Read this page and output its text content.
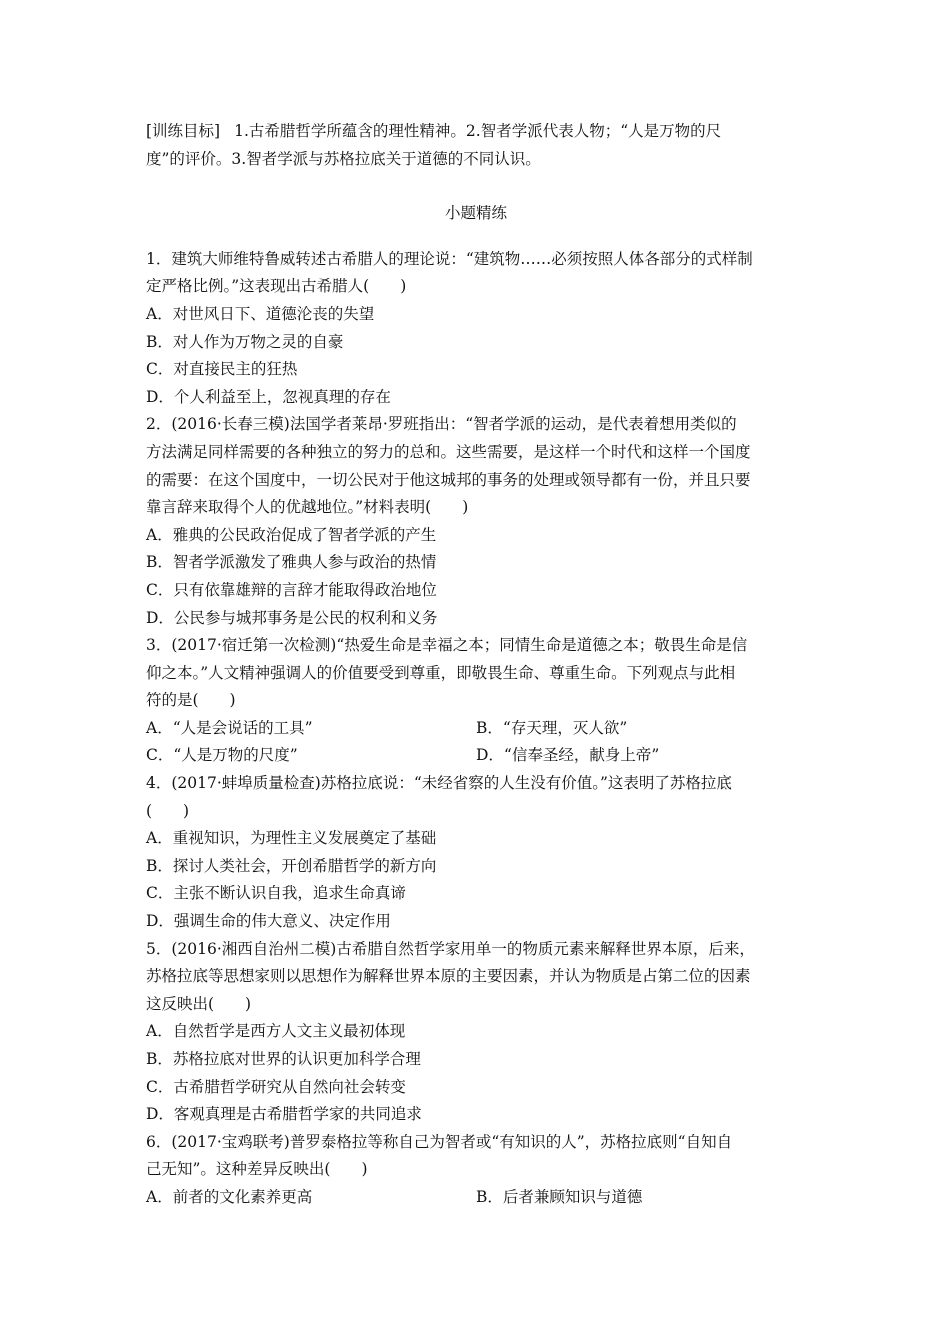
[训练目标] 1.古希腊哲学所蕴含的理性精神。2.智者学派代表人物；“人是万物的尺
度”的评价。3.智者学派与苏格拉底关于道德的不同认识。
小题精练
1．建筑大师维特鲁威转述古希腊人的理论说：“建筑物……必须按照人体各部分的式样制
定严格比例。”这表现出古希腊人(　　)
A．对世风日下、道德沦丧的失望
B．对人作为万物之灵的自豪
C．对直接民主的狂热
D．个人利益至上，忽视真理的存在
2．(2016·长春三模)法国学者莱昂·罗班指出：“智者学派的运动，是代表着想用类似的
方法满足同样需要的各种独立的努力的总和。这些需要，是这样一个时代和这样一个国度
的需要：在这个国度中，一切公民对于他这城邦的事务的处理或领导都有一份，并且只要
靠言辞来取得个人的优越地位。”材料表明(　　)
A．雅典的公民政治促成了智者学派的产生
B．智者学派激发了雅典人参与政治的热情
C．只有依靠雄辩的言辞才能取得政治地位
D．公民参与城邦事务是公民的权利和义务
3．(2017·宿迁第一次检测)“热爱生命是幸福之本；同情生命是道德之本；敬畏生命是信
仰之本。”人文精神强调人的价值要受到尊重，即敬畏生命、尊重生命。下列观点与此相
符的是(　　)
A．“人是会说话的工具”	B．“存天理，灭人欲”
C．“人是万物的尺度”	D．“信奉圣经，献身上帝”
4．(2017·蚌埠质量检查)苏格拉底说：“未经省察的人生没有价值。”这表明了苏格拉底
(　　)
A．重视知识，为理性主义发展奠定了基础
B．探讨人类社会，开创希腊哲学的新方向
C．主张不断认识自我，追求生命真谛
D．强调生命的伟大意义、决定作用
5．(2016·湘西自治州二模)古希腊自然哲学家用单一的物质元素来解释世界本原，后来，
苏格拉底等思想家则以思想作为解释世界本原的主要因素，并认为物质是占第二位的因素
这反映出(　　)
A．自然哲学是西方人文主义最初体现
B．苏格拉底对世界的认识更加科学合理
C．古希腊哲学研究从自然向社会转变
D．客观真理是古希腊哲学家的共同追求
6．(2017·宝鸡联考)普罗泰格拉等称自己为智者或“有知识的人”，苏格拉底则“自知自
己无知”。这种差异反映出(　　)
A．前者的文化素养更高	B．后者兼顾知识与道德
